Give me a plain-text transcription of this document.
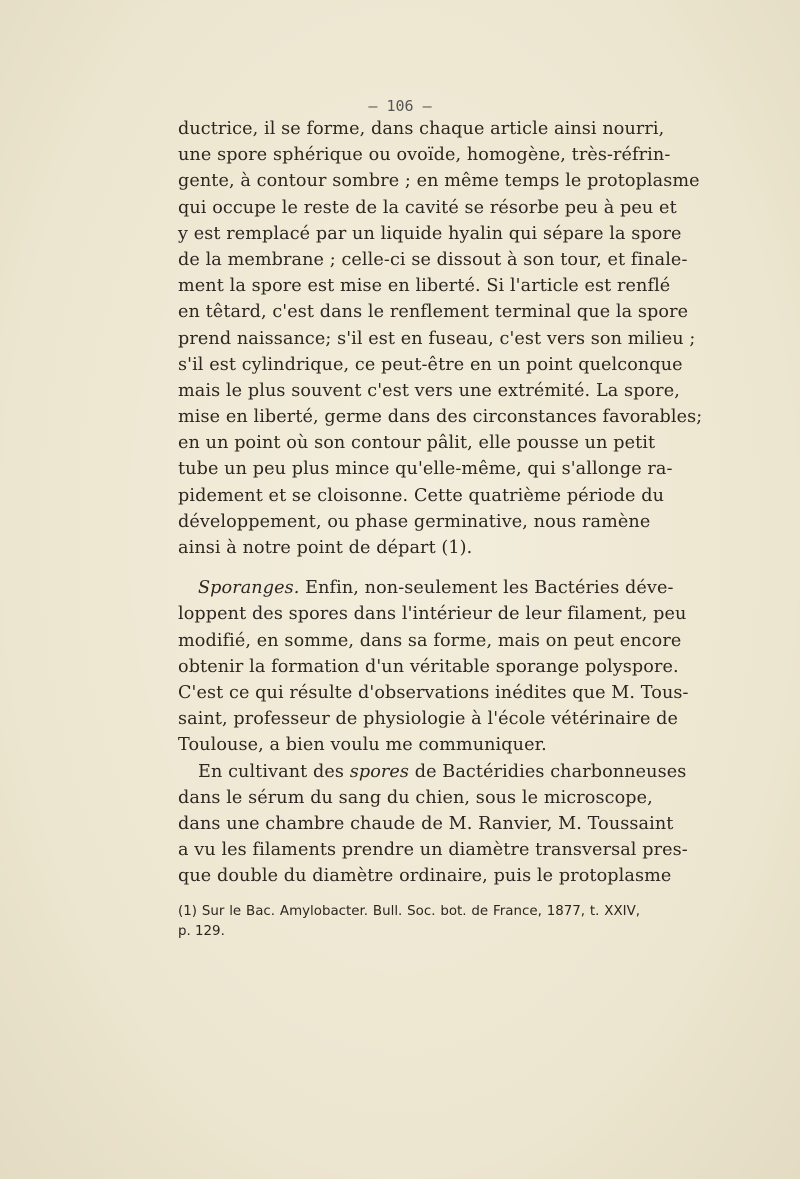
— 106 —
ductrice, il se forme, dans chaque article ainsi nourri,
une spore sphérique ou ovoïde, homogène, très-réfrin-
gente, à contour sombre ; en même temps le protoplasme
qui occupe le reste de la cavité se résorbe peu à peu et
y est remplacé par un liquide hyalin qui sépare la spore
de la membrane ; celle-ci se dissout à son tour, et finale-
ment la spore est mise en liberté. Si l'article est renflé
en têtard, c'est dans le renflement terminal que la spore
prend naissance; s'il est en fuseau, c'est vers son milieu ;
s'il est cylindrique, ce peut-être en un point quelconque
mais le plus souvent c'est vers une extrémité. La spore,
mise en liberté, germe dans des circonstances favorables;
en un point où son contour pâlit, elle pousse un petit
tube un peu plus mince qu'elle-même, qui s'allonge ra-
pidement et se cloisonne. Cette quatrième période du
développement, ou phase germinative, nous ramène
ainsi à notre point de départ (1).
Sporanges. Enfin, non-seulement les Bactéries déve-
loppent des spores dans l'intérieur de leur filament, peu
modifié, en somme, dans sa forme, mais on peut encore
obtenir la formation d'un véritable sporange polyspore.
C'est ce qui résulte d'observations inédites que M. Tous-
saint, professeur de physiologie à l'école vétérinaire de
Toulouse, a bien voulu me communiquer.
En cultivant des spores de Bactéridies charbonneuses
dans le sérum du sang du chien, sous le microscope,
dans une chambre chaude de M. Ranvier, M. Toussaint
a vu les filaments prendre un diamètre transversal pres-
que double du diamètre ordinaire, puis le protoplasme
(1) Sur le Bac. Amylobacter. Bull. Soc. bot. de France, 1877, t. XXIV,
p. 129.
